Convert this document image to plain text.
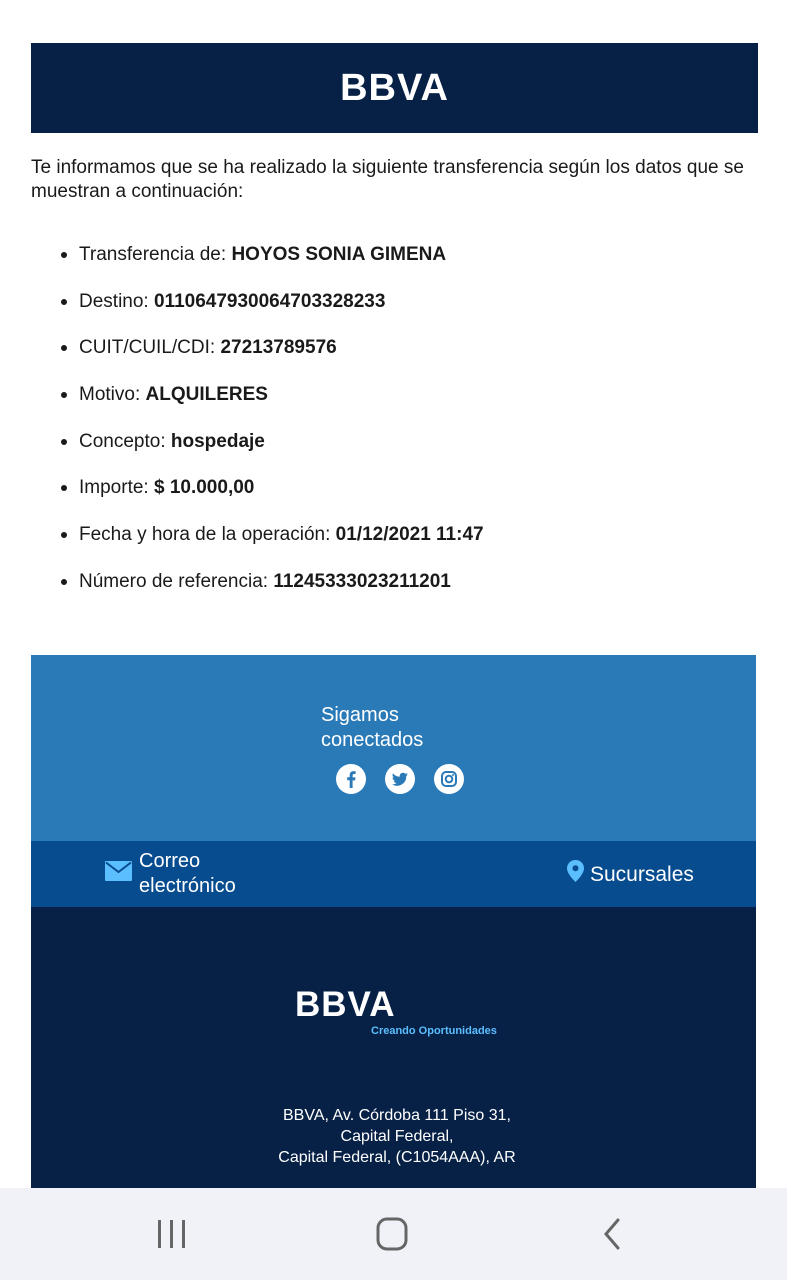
BBVA
Te informamos que se ha realizado la siguiente transferencia según los datos que se muestran a continuación:
Transferencia de: HOYOS SONIA GIMENA
Destino: 0110647930064703328233
CUIT/CUIL/CDI: 27213789576
Motivo: ALQUILERES
Concepto: hospedaje
Importe: $ 10.000,00
Fecha y hora de la operación: 01/12/2021 11:47
Número de referencia: 11245333023211201
Sigamos
conectados
Correo
electrónico
Sucursales
BBVA
Creando Oportunidades
BBVA, Av. Córdoba 111 Piso 31,
Capital Federal,
Capital Federal, (C1054AAA), AR
